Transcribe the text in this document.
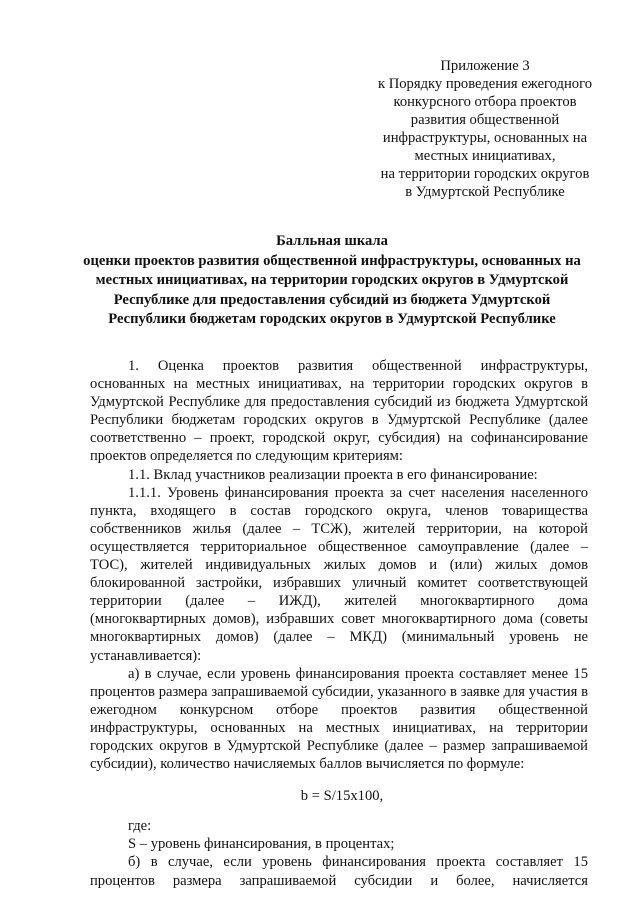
Приложение 3
к Порядку проведения ежегодного
конкурсного отбора проектов
развития общественной
инфраструктуры, основанных на
местных инициативах,
на территории городских округов
в Удмуртской Республике
Балльная шкала
оценки проектов развития общественной инфраструктуры, основанных на
местных инициативах, на территории городских округов в Удмуртской
Республике для предоставления субсидий из бюджета Удмуртской
Республики бюджетам городских округов в Удмуртской Республике
1. Оценка проектов развития общественной инфраструктуры, основанных на местных инициативах, на территории городских округов в Удмуртской Республике для предоставления субсидий из бюджета Удмуртской Республики бюджетам городских округов в Удмуртской Республике (далее соответственно – проект, городской округ, субсидия) на софинансирование проектов определяется по следующим критериям:
1.1. Вклад участников реализации проекта в его финансирование:
1.1.1. Уровень финансирования проекта за счет населения населенного пункта, входящего в состав городского округа, членов товарищества собственников жилья (далее – ТСЖ), жителей территории, на которой осуществляется территориальное общественное самоуправление (далее – ТОС), жителей индивидуальных жилых домов и (или) жилых домов блокированной застройки, избравших уличный комитет соответствующей территории (далее – ИЖД), жителей многоквартирного дома (многоквартирных домов), избравших совет многоквартирного дома (советы многоквартирных домов) (далее – МКД) (минимальный уровень не устанавливается):
а) в случае, если уровень финансирования проекта составляет менее 15 процентов размера запрашиваемой субсидии, указанного в заявке для участия в ежегодном конкурсном отборе проектов развития общественной инфраструктуры, основанных на местных инициативах, на территории городских округов в Удмуртской Республике (далее – размер запрашиваемой субсидии), количество начисляемых баллов вычисляется по формуле:
b = S/15x100,
где:
S – уровень финансирования, в процентах;
б) в случае, если уровень финансирования проекта составляет 15 процентов размера запрашиваемой субсидии и более, начисляется
